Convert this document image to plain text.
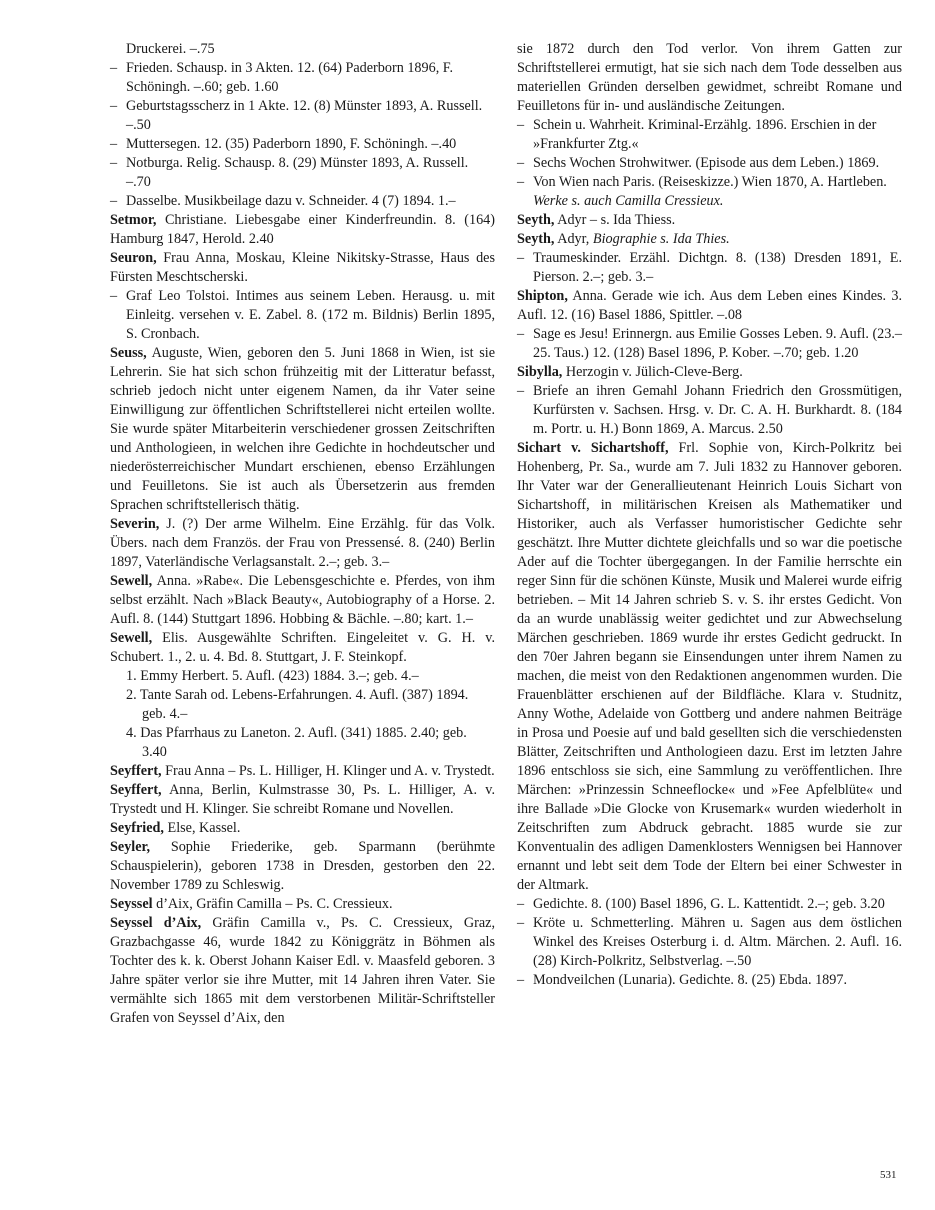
Druckerei. –.75
– Frieden. Schausp. in 3 Akten. 12. (64) Paderborn 1896, F. Schöningh. –.60; geb. 1.60
– Geburtstagsscherz in 1 Akte. 12. (8) Münster 1893, A. Russell. –.50
– Muttersegen. 12. (35) Paderborn 1890, F. Schöningh. –.40
– Notburga. Relig. Schausp. 8. (29) Münster 1893, A. Russell. –.70
– Dasselbe. Musikbeilage dazu v. Schneider. 4 (7) 1894. 1.–
Setmor, Christiane. Liebesgabe einer Kinderfreundin. 8. (164) Hamburg 1847, Herold. 2.40
Seuron, Frau Anna, Moskau, Kleine Nikitsky-Strasse, Haus des Fürsten Meschtscherski.
– Graf Leo Tolstoi. Intimes aus seinem Leben. Herausg. u. mit Einleitg. versehen v. E. Zabel. 8. (172 m. Bildnis) Berlin 1895, S. Cronbach.
Seuss, Auguste, Wien, geboren den 5. Juni 1868 in Wien, ist sie Lehrerin. Sie hat sich schon frühzeitig mit der Litteratur befasst, schrieb jedoch nicht unter eigenem Namen, da ihr Vater seine Einwilligung zur öffentlichen Schriftstellerei nicht erteilen wollte. Sie wurde später Mitarbeiterin verschiedener grossen Zeitschriften und Anthologieen, in welchen ihre Gedichte in hochdeutscher und niederösterreichischer Mundart erschienen, ebenso Erzählungen und Feuilletons. Sie ist auch als Übersetzerin aus fremden Sprachen schriftstellerisch thätig.
Severin, J. (?) Der arme Wilhelm. Eine Erzählg. für das Volk. Übers. nach dem Französ. der Frau von Pressensé. 8. (240) Berlin 1897, Vaterländische Verlagsanstalt. 2.–; geb. 3.–
Sewell, Anna. »Rabe«. Die Lebensgeschichte e. Pferdes, von ihm selbst erzählt. Nach »Black Beauty«, Autobiography of a Horse. 2. Aufl. 8. (144) Stuttgart 1896. Hobbing & Bächle. –.80; kart. 1.–
Sewell, Elis. Ausgewählte Schriften. Eingeleitet v. G. H. v. Schubert. 1., 2. u. 4. Bd. 8. Stuttgart, J. F. Steinkopf.
1. Emmy Herbert. 5. Aufl. (423) 1884. 3.–; geb. 4.–
2. Tante Sarah od. Lebens-Erfahrungen. 4. Aufl. (387) 1894. geb. 4.–
4. Das Pfarrhaus zu Laneton. 2. Aufl. (341) 1885. 2.40; geb. 3.40
Seyffert, Frau Anna – Ps. L. Hilliger, H. Klinger und A. v. Trystedt.
Seyffert, Anna, Berlin, Kulmstrasse 30, Ps. L. Hilliger, A. v. Trystedt und H. Klinger. Sie schreibt Romane und Novellen.
Seyfried, Else, Kassel.
Seyler, Sophie Friederike, geb. Sparmann (berühmte Schauspielerin), geboren 1738 in Dresden, gestorben den 22. November 1789 zu Schleswig.
Seyssel d’Aix, Gräfin Camilla – Ps. C. Cressieux.
Seyssel d’Aix, Gräfin Camilla v., Ps. C. Cressieux, Graz, Grazbachgasse 46, wurde 1842 zu Königgrätz in Böhmen als Tochter des k. k. Oberst Johann Kaiser Edl. v. Maasfeld geboren. 3 Jahre später verlor sie ihre Mutter, mit 14 Jahren ihren Vater. Sie vermählte sich 1865 mit dem verstorbenen Militär-Schriftsteller Grafen von Seyssel d’Aix, den
sie 1872 durch den Tod verlor. Von ihrem Gatten zur Schriftstellerei ermutigt, hat sie sich nach dem Tode desselben aus materiellen Gründen derselben gewidmet, schreibt Romane und Feuilletons für in- und ausländische Zeitungen.
– Schein u. Wahrheit. Kriminal-Erzählg. 1896. Erschien in der »Frankfurter Ztg.«
– Sechs Wochen Strohwitwer. (Episode aus dem Leben.) 1869.
– Von Wien nach Paris. (Reiseskizze.) Wien 1870, A. Hartleben.
Werke s. auch Camilla Cressieux.
Seyth, Adyr – s. Ida Thiess.
Seyth, Adyr, Biographie s. Ida Thies.
– Traumeskinder. Erzähl. Dichtgn. 8. (138) Dresden 1891, E. Pierson. 2.–; geb. 3.–
Shipton, Anna. Gerade wie ich. Aus dem Leben eines Kindes. 3. Aufl. 12. (16) Basel 1886, Spittler. –.08
– Sage es Jesu! Erinnergn. aus Emilie Gosses Leben. 9. Aufl. (23.–25. Taus.) 12. (128) Basel 1896, P. Kober. –.70; geb. 1.20
Sibylla, Herzogin v. Jülich-Cleve-Berg.
– Briefe an ihren Gemahl Johann Friedrich den Grossmütigen, Kurfürsten v. Sachsen. Hrsg. v. Dr. C. A. H. Burkhardt. 8. (184 m. Portr. u. H.) Bonn 1869, A. Marcus. 2.50
Sichart v. Sichartshoff, Frl. Sophie von, Kirch-Polkritz bei Hohenberg, Pr. Sa., wurde am 7. Juli 1832 zu Hannover geboren. Ihr Vater war der Generallieutenant Heinrich Louis Sichart von Sichartshoff, in militärischen Kreisen als Mathematiker und Historiker, auch als Verfasser humoristischer Gedichte sehr geschätzt. Ihre Mutter dichtete gleichfalls und so war die poetische Ader auf die Tochter übergegangen. In der Familie herrschte ein reger Sinn für die schönen Künste, Musik und Malerei wurde eifrig betrieben. – Mit 14 Jahren schrieb S. v. S. ihr erstes Gedicht. Von da an wurde unablässig weiter gedichtet und zur Abwechselung Märchen geschrieben. 1869 wurde ihr erstes Gedicht gedruckt. In den 70er Jahren begann sie Einsendungen unter ihrem Namen zu machen, die meist von den Redaktionen angenommen wurden. Die Frauenblätter erschienen auf der Bildfläche. Klara v. Studnitz, Anny Wothe, Adelaide von Gottberg und andere nahmen Beiträge in Prosa und Poesie auf und bald gesellten sich die verschiedensten Blätter, Zeitschriften und Anthologieen dazu. Erst im letzten Jahre 1896 entschloss sie sich, eine Sammlung zu veröffentlichen. Ihre Märchen: »Prinzessin Schneeflocke« und »Fee Apfelblüte« und ihre Ballade »Die Glocke von Krusemark« wurden wiederholt in Zeitschriften zum Abdruck gebracht. 1885 wurde sie zur Konventualin des adligen Damenklosters Wennigsen bei Hannover ernannt und lebt seit dem Tode der Eltern bei einer Schwester in der Altmark.
– Gedichte. 8. (100) Basel 1896, G. L. Kattentidt. 2.–; geb. 3.20
– Kröte u. Schmetterling. Mähren u. Sagen aus dem östlichen Winkel des Kreises Osterburg i. d. Altm. Märchen. 2. Aufl. 16. (28) Kirch-Polkritz, Selbstverlag. –.50
– Mondveilchen (Lunaria). Gedichte. 8. (25) Ebda. 1897.
531
